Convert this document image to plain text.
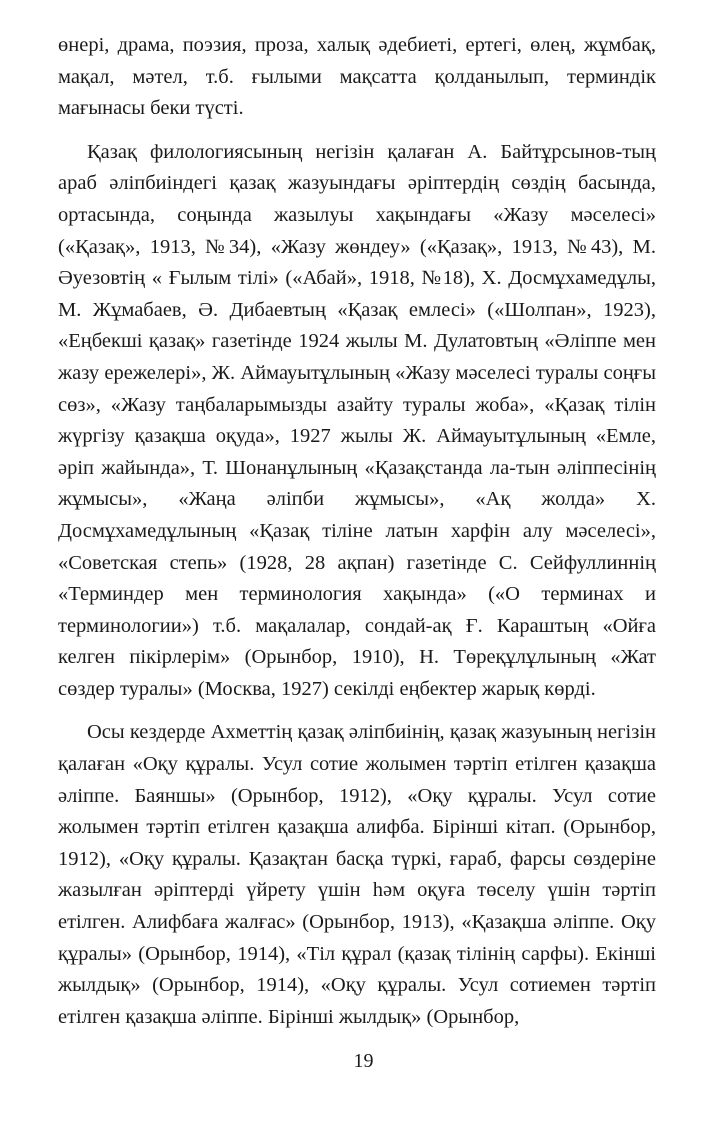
өнері, драма, поэзия, проза, халық әдебиеті, ертегі, өлең, жұмбақ, мақал, мәтел, т.б. ғылыми мақсатта қолданылып, терминдік мағынасы беки түсті.

Қазақ филологиясының негізін қалаған А. Байтұрсынов-тың араб әліпбиіндегі қазақ жазуындағы әріптердің сөздің басында, ортасында, соңында жазылуы хақындағы «Жазу мәселесі» («Қазақ», 1913, №34), «Жазу жөндеу» («Қазақ», 1913, №43), М. Әуезовтің « Ғылым тілі» («Абай», 1918, №18), Х. Досмұхамедұлы, М. Жұмабаев, Ә. Дибаевтың «Қазақ емлесі» («Шолпан», 1923), «Еңбекші қазақ» газетінде 1924 жылы М. Дулатовтың «Әліппе мен жазу ережелері», Ж. Аймауытұлының «Жазу мәселесі туралы соңғы сөз», «Жазу таңбаларымызды азайту туралы жоба», «Қазақ тілін жүргізу қазақша оқуда», 1927 жылы Ж. Аймауытұлының «Емле, әріп жайында», Т. Шонанұлының «Қазақстанда ла-тын әліппесінің жұмысы», «Жаңа әліпби жұмысы», «Ақ жолда» Х. Досмұхамедұлының «Қазақ тіліне латын харфін алу мәселесі», «Советская степь» (1928, 28 ақпан) газетінде С. Сейфуллиннің «Терминдер мен терминология хақында» («О терминах и терминологии») т.б. мақалалар, сондай-ақ Ғ. Караштың «Ойға келген пікірлерім» (Орынбор, 1910), Н. Төреқұлұлының «Жат сөздер туралы» (Москва, 1927) секілді еңбектер жарық көрді.

Осы кездерде Ахметтің қазақ әліпбиінің, қазақ жазуының негізін қалаған «Оқу құралы. Усул сотие жолымен тәртіп етілген қазақша әліппе. Баяншы» (Орынбор, 1912), «Оқу құралы. Усул сотие жолымен тәртіп етілген қазақша алифба. Бірінші кітап. (Орынбор, 1912), «Оқу құралы. Қазақтан басқа түркі, ғараб, фарсы сөздеріне жазылған әріптерді үйрету үшін һәм оқуға төселу үшін тәртіп етілген. Алифбаға жалғас» (Орынбор, 1913), «Қазақша әліппе. Оқу құралы» (Орынбор, 1914), «Тіл құрал (қазақ тілінің сарфы). Екінші жылдық» (Орынбор, 1914), «Оқу құралы. Усул сотиемен тәртіп етілген қазақша әліппе. Бірінші жылдық» (Орынбор,

19
